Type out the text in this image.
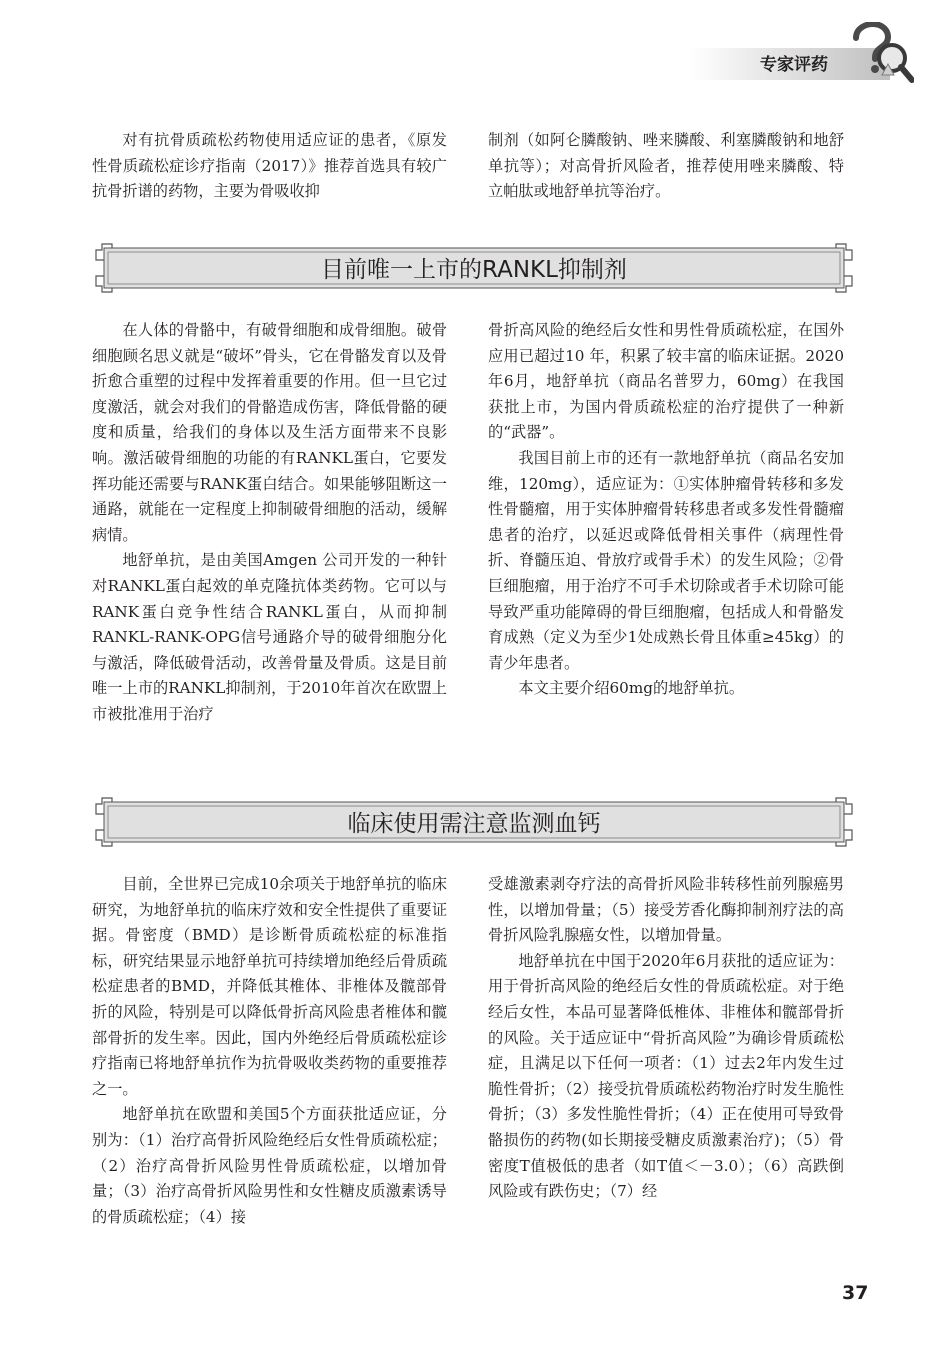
专家评药

对有抗骨质疏松药物使用适应证的患者，《原发性骨质疏松症诊疗指南（2017）》推荐首选具有较广抗骨折谱的药物，主要为骨吸收抑

制剂（如阿仑膦酸钠、唑来膦酸、利塞膦酸钠和地舒单抗等）；对高骨折风险者，推荐使用唑来膦酸、特立帕肽或地舒单抗等治疗。

目前唯一上市的RANKL抑制剂

在人体的骨骼中，有破骨细胞和成骨细胞。破骨细胞顾名思义就是“破坏”骨头，它在骨骼发育以及骨折愈合重塑的过程中发挥着重要的作用。但一旦它过度激活，就会对我们的骨骼造成伤害，降低骨骼的硬度和质量，给我们的身体以及生活方面带来不良影响。激活破骨细胞的功能的有RANKL蛋白，它要发挥功能还需要与RANK蛋白结合。如果能够阻断这一通路，就能在一定程度上抑制破骨细胞的活动，缓解病情。

地舒单抗，是由美国Amgen 公司开发的一种针对RANKL蛋白起效的单克隆抗体类药物。它可以与RANK蛋白竞争性结合RANKL蛋白，从而抑制RANKL-RANK-OPG信号通路介导的破骨细胞分化与激活，降低破骨活动，改善骨量及骨质。这是目前唯一上市的RANKL抑制剂，于2010年首次在欧盟上市被批准用于治疗

骨折高风险的绝经后女性和男性骨质疏松症，在国外应用已超过10 年，积累了较丰富的临床证据。2020年6月，地舒单抗（商品名普罗力，60mg）在我国获批上市，为国内骨质疏松症的治疗提供了一种新的“武器”。

我国目前上市的还有一款地舒单抗（商品名安加维，120mg），适应证为：①实体肿瘤骨转移和多发性骨髓瘤，用于实体肿瘤骨转移患者或多发性骨髓瘤患者的治疗，以延迟或降低骨相关事件（病理性骨折、脊髓压迫、骨放疗或骨手术）的发生风险；②骨巨细胞瘤，用于治疗不可手术切除或者手术切除可能导致严重功能障碍的骨巨细胞瘤，包括成人和骨骼发育成熟（定义为至少1处成熟长骨且体重≥45kg）的青少年患者。

本文主要介绍60mg的地舒单抗。

临床使用需注意监测血钙

目前，全世界已完成10余项关于地舒单抗的临床研究，为地舒单抗的临床疗效和安全性提供了重要证据。骨密度（BMD）是诊断骨质疏松症的标准指标，研究结果显示地舒单抗可持续增加绝经后骨质疏松症患者的BMD，并降低其椎体、非椎体及髋部骨折的风险，特别是可以降低骨折高风险患者椎体和髋部骨折的发生率。因此，国内外绝经后骨质疏松症诊疗指南已将地舒单抗作为抗骨吸收类药物的重要推荐之一。

地舒单抗在欧盟和美国5个方面获批适应证，分别为：（1）治疗高骨折风险绝经后女性骨质疏松症；（2）治疗高骨折风险男性骨质疏松症，以增加骨量；（3）治疗高骨折风险男性和女性糖皮质激素诱导的骨质疏松症；（4）接

受雄激素剥夺疗法的高骨折风险非转移性前列腺癌男性，以增加骨量；（5）接受芳香化酶抑制剂疗法的高骨折风险乳腺癌女性，以增加骨量。

地舒单抗在中国于2020年6月获批的适应证为：用于骨折高风险的绝经后女性的骨质疏松症。对于绝经后女性，本品可显著降低椎体、非椎体和髋部骨折的风险。关于适应证中“骨折高风险”为确诊骨质疏松症，且满足以下任何一项者：（1）过去2年内发生过脆性骨折；（2）接受抗骨质疏松药物治疗时发生脆性骨折；（3）多发性脆性骨折；（4）正在使用可导致骨骼损伤的药物(如长期接受糖皮质激素治疗)；（5）骨密度T值极低的患者（如T值＜－3.0）；（6）高跌倒风险或有跌伤史；（7）经

37
